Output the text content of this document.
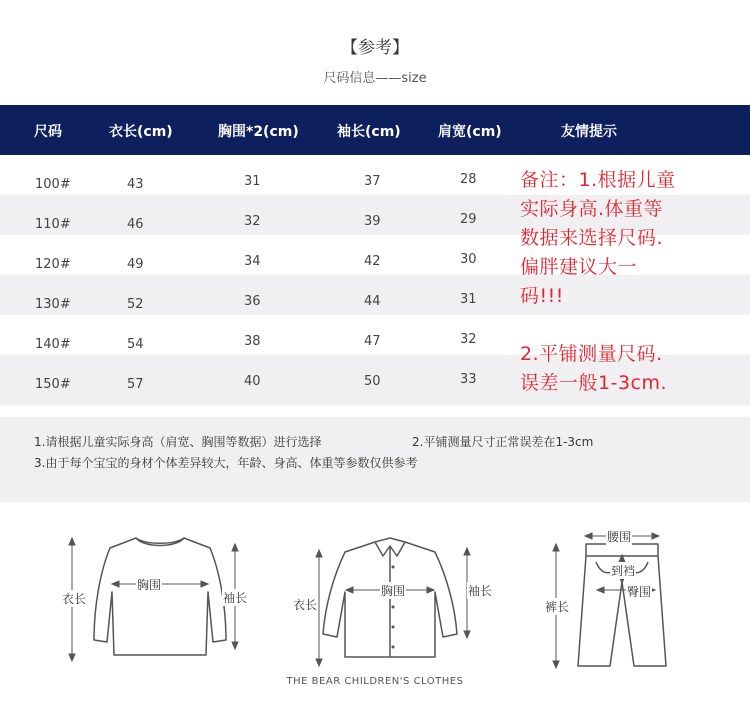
【参考】
尺码信息——size
尺码	衣长(cm)	胸围*2(cm)	袖长(cm)	肩宽(cm)	友情提示
100#	43	31	37	28
110#	46	32	39	29
120#	49	34	42	30
130#	52	36	44	31
140#	54	38	47	32
150#	57	40	50	33
备注：1.根据儿童
实际身高.体重等
数据来选择尺码.
偏胖建议大一
码!!!

2.平铺测量尺码.
误差一般1-3cm.
1.请根据儿童实际身高（肩宽、胸围等数据）进行选择	2.平铺测量尺寸正常误差在1-3cm
3.由于每个宝宝的身材个体差异较大，年龄、身高、体重等参数仅供参考
衣长
胸围
袖长	衣长
胸围	袖长
腰围
到裆
臀围
裤长
THE BEAR CHILDREN'S CLOTHES
